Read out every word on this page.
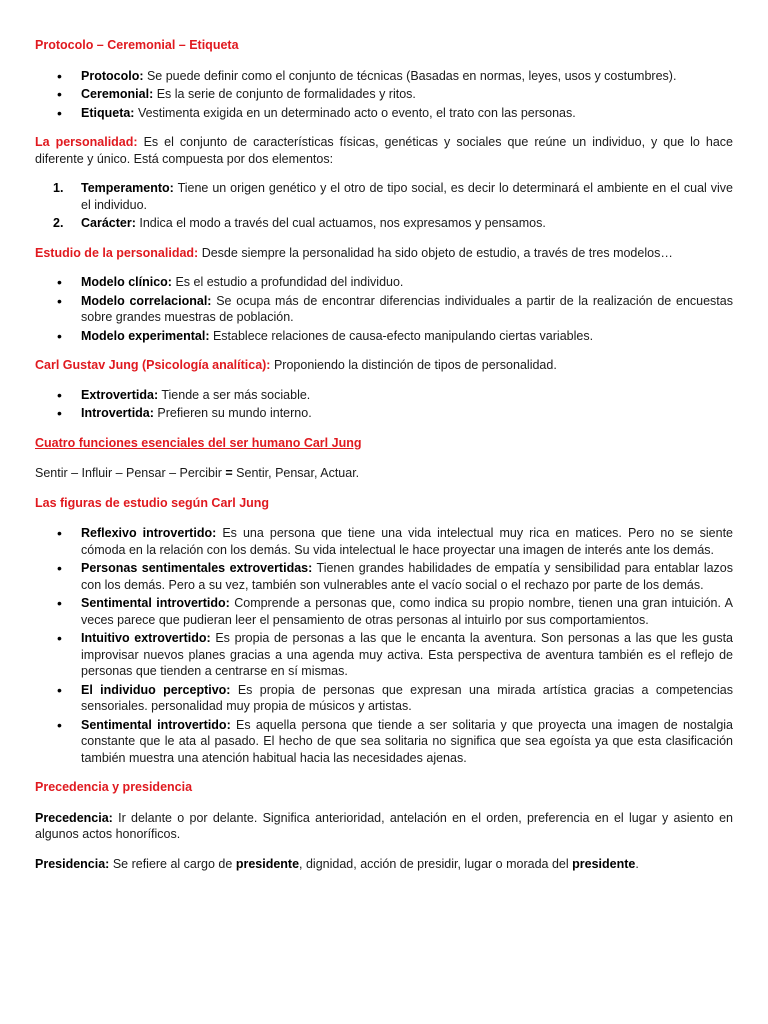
Protocolo – Ceremonial – Etiqueta
• Protocolo: Se puede definir como el conjunto de técnicas (Basadas en normas, leyes, usos y costumbres).
• Ceremonial: Es la serie de conjunto de formalidades y ritos.
• Etiqueta: Vestimenta exigida en un determinado acto o evento, el trato con las personas.

La personalidad: Es el conjunto de características físicas, genéticas y sociales que reúne un individuo, y que lo hace diferente y único. Está compuesta por dos elementos:

1. Temperamento: Tiene un origen genético y el otro de tipo social, es decir lo determinará el ambiente en el cual vive el individuo.
2. Carácter: Indica el modo a través del cual actuamos, nos expresamos y pensamos.

Estudio de la personalidad: Desde siempre la personalidad ha sido objeto de estudio, a través de tres modelos…

• Modelo clínico: Es el estudio a profundidad del individuo.
• Modelo correlacional: Se ocupa más de encontrar diferencias individuales a partir de la realización de encuestas sobre grandes muestras de población.
• Modelo experimental: Establece relaciones de causa-efecto manipulando ciertas variables.

Carl Gustav Jung (Psicología analítica): Proponiendo la distinción de tipos de personalidad.

• Extrovertida: Tiende a ser más sociable.
• Introvertida: Prefieren su mundo interno.
Cuatro funciones esenciales del ser humano Carl Jung

Sentir – Influir – Pensar – Percibir = Sentir, Pensar, Actuar.

Las figuras de estudio según Carl Jung
• Reflexivo introvertido: Es una persona que tiene una vida intelectual muy rica en matices. Pero no se siente cómoda en la relación con los demás. Su vida intelectual le hace proyectar una imagen de interés ante los demás.
• Personas sentimentales extrovertidas: Tienen grandes habilidades de empatía y sensibilidad para entablar lazos con los demás. Pero a su vez, también son vulnerables ante el vacío social o el rechazo por parte de los demás.
• Sentimental introvertido: Comprende a personas que, como indica su propio nombre, tienen una gran intuición. A veces parece que pudieran leer el pensamiento de otras personas al intuirlo por sus comportamientos.
• Intuitivo extrovertido: Es propia de personas a las que le encanta la aventura. Son personas a las que les gusta improvisar nuevos planes gracias a una agenda muy activa. Esta perspectiva de aventura también es el reflejo de personas que tienden a centrarse en sí mismas.
• El individuo perceptivo: Es propia de personas que expresan una mirada artística gracias a competencias sensoriales. personalidad muy propia de músicos y artistas.
• Sentimental introvertido: Es aquella persona que tiende a ser solitaria y que proyecta una imagen de nostalgia constante que le ata al pasado. El hecho de que sea solitaria no significa que sea egoísta ya que esta clasificación también muestra una atención habitual hacia las necesidades ajenas.
Precedencia y presidencia

Precedencia: Ir delante o por delante. Significa anterioridad, antelación en el orden, preferencia en el lugar y asiento en algunos actos honoríficos.

Presidencia: Se refiere al cargo de presidente, dignidad, acción de presidir, lugar o morada del presidente.
